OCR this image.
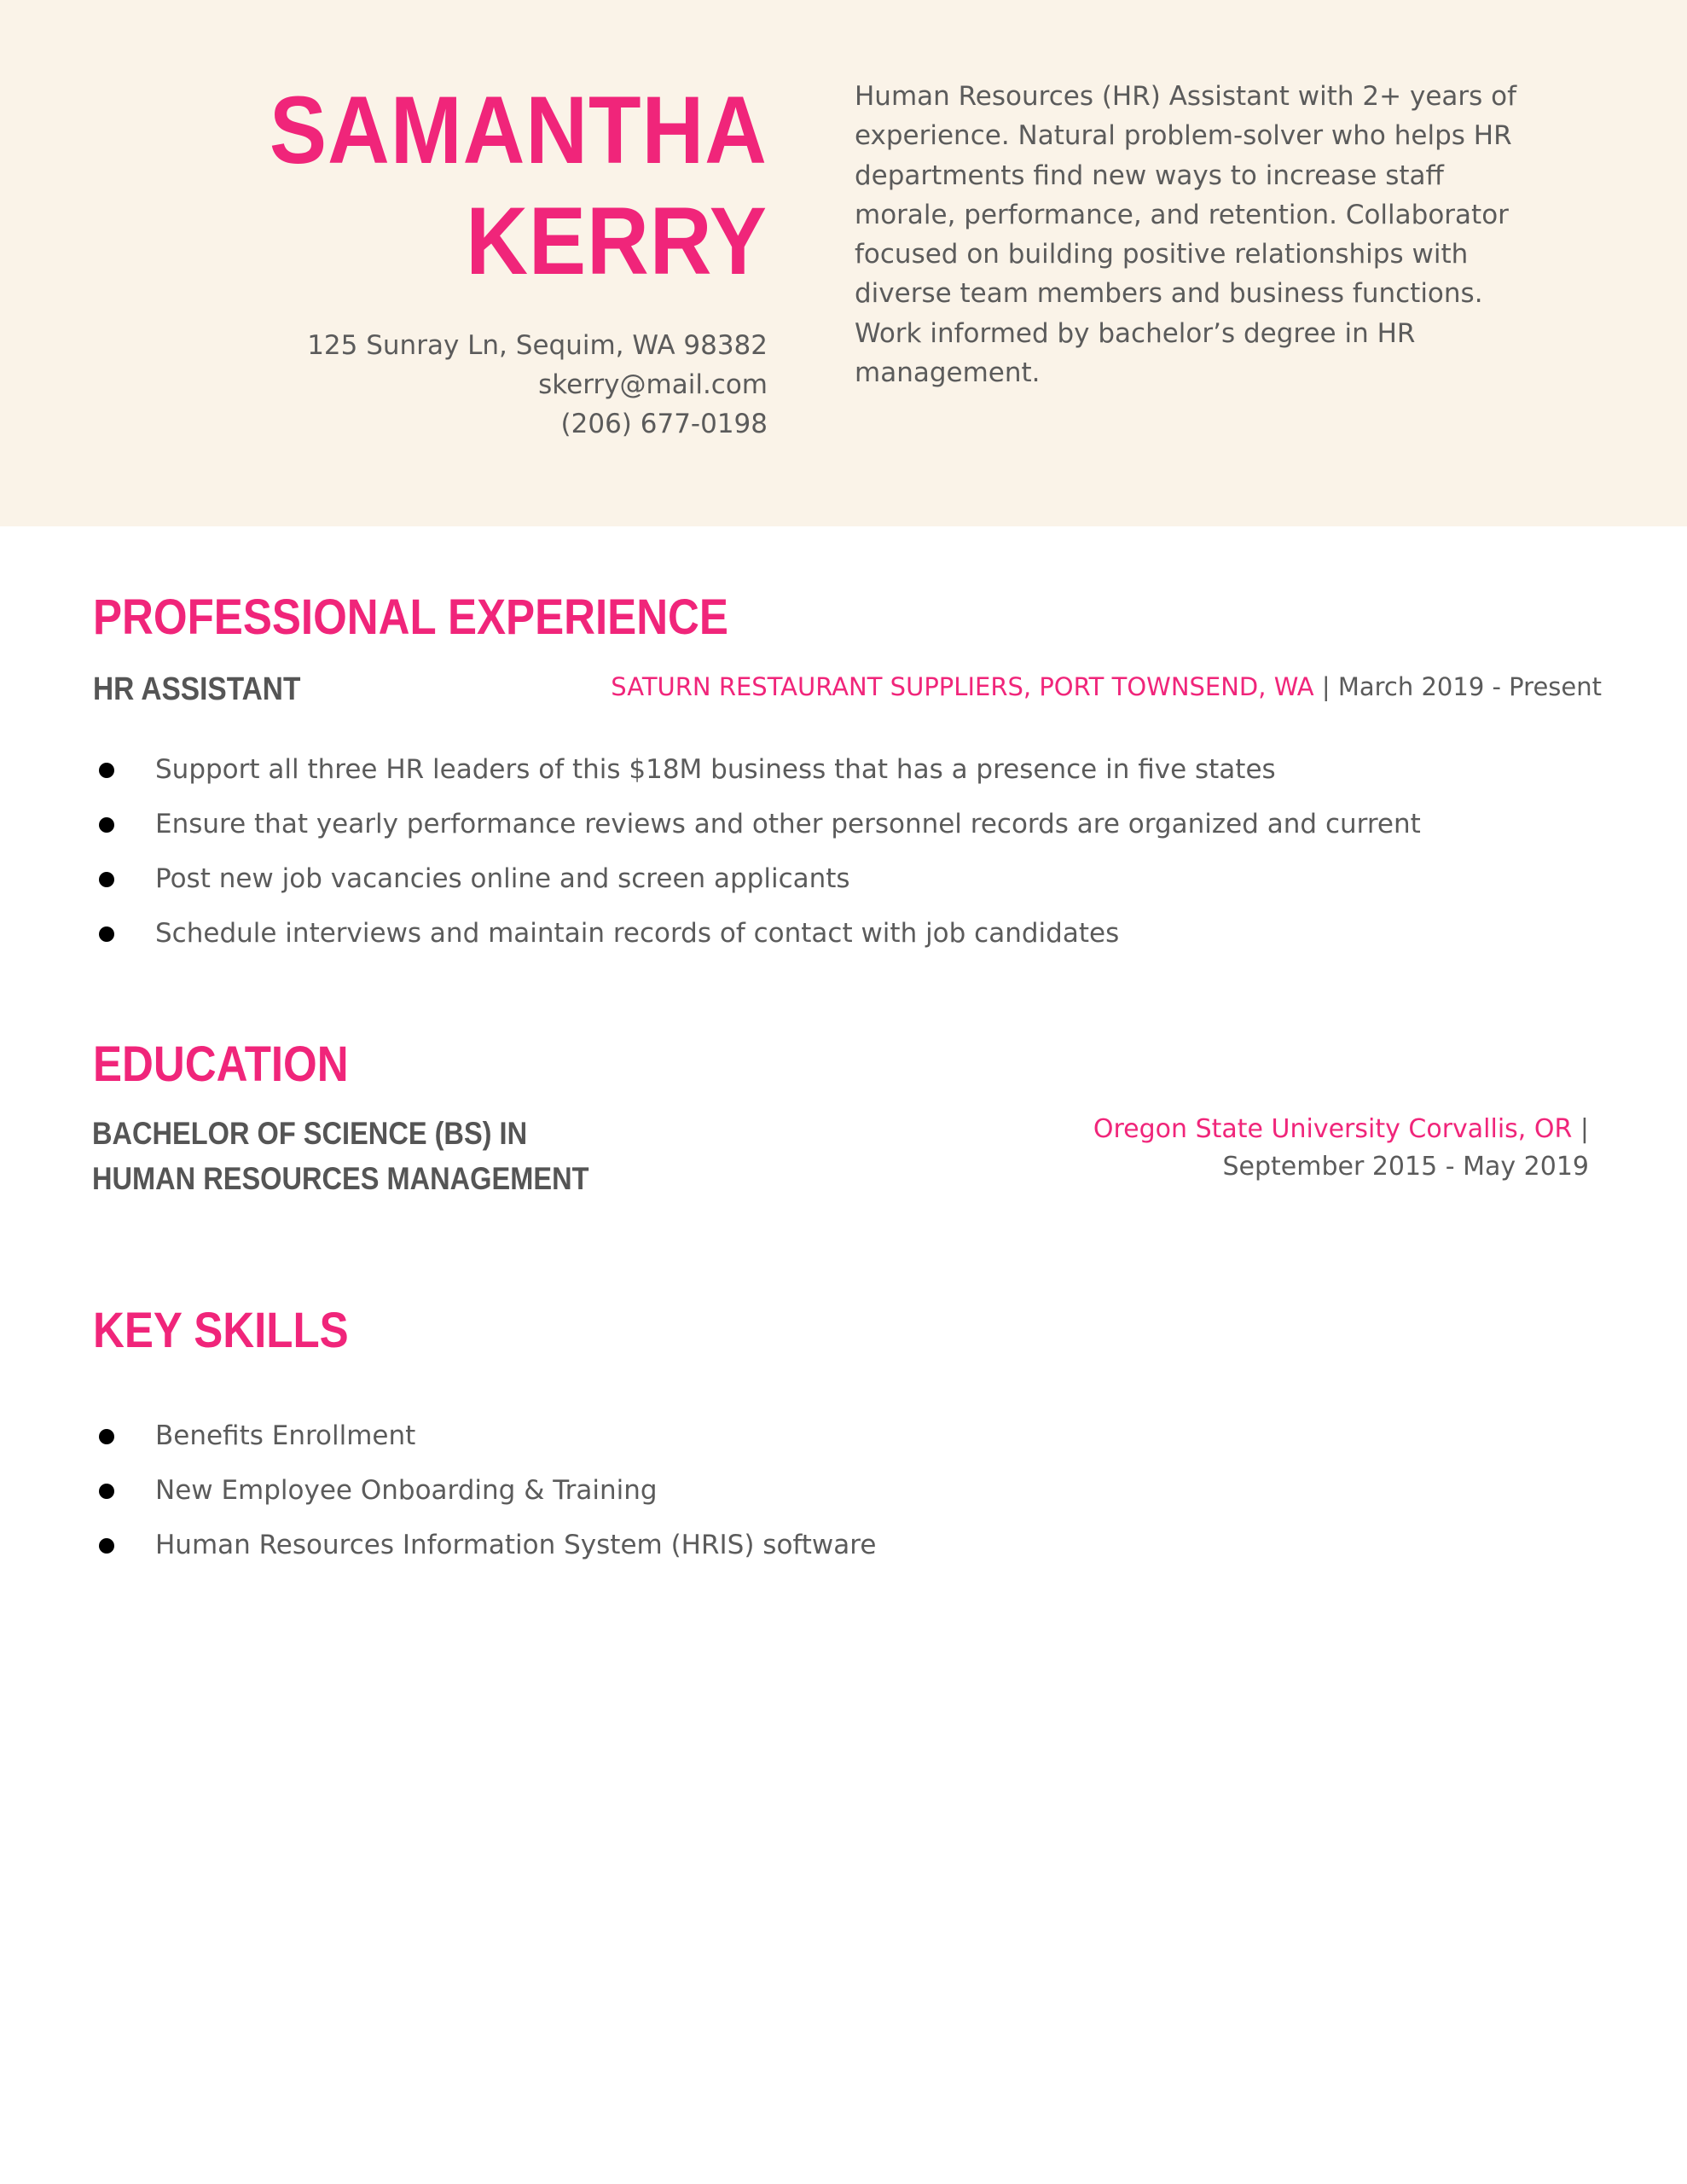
SAMANTHA
KERRY
125 Sunray Ln, Sequim, WA 98382
skerry@mail.com
(206) 677-0198
Human Resources (HR) Assistant with 2+ years of experience. Natural problem-solver who helps HR departments find new ways to increase staff morale, performance, and retention. Collaborator focused on building positive relationships with diverse team members and business functions. Work informed by bachelor’s degree in HR management.
PROFESSIONAL EXPERIENCE
HR ASSISTANT	SATURN RESTAURANT SUPPLIERS, PORT TOWNSEND, WA | March 2019 - Present
Support all three HR leaders of this $18M business that has a presence in five states
Ensure that yearly performance reviews and other personnel records are organized and current
Post new job vacancies online and screen applicants
Schedule interviews and maintain records of contact with job candidates
EDUCATION
BACHELOR OF SCIENCE (BS) IN
HUMAN RESOURCES MANAGEMENT
Oregon State University Corvallis, OR |
September 2015 - May 2019
KEY SKILLS
Benefits Enrollment
New Employee Onboarding & Training
Human Resources Information System (HRIS) software
